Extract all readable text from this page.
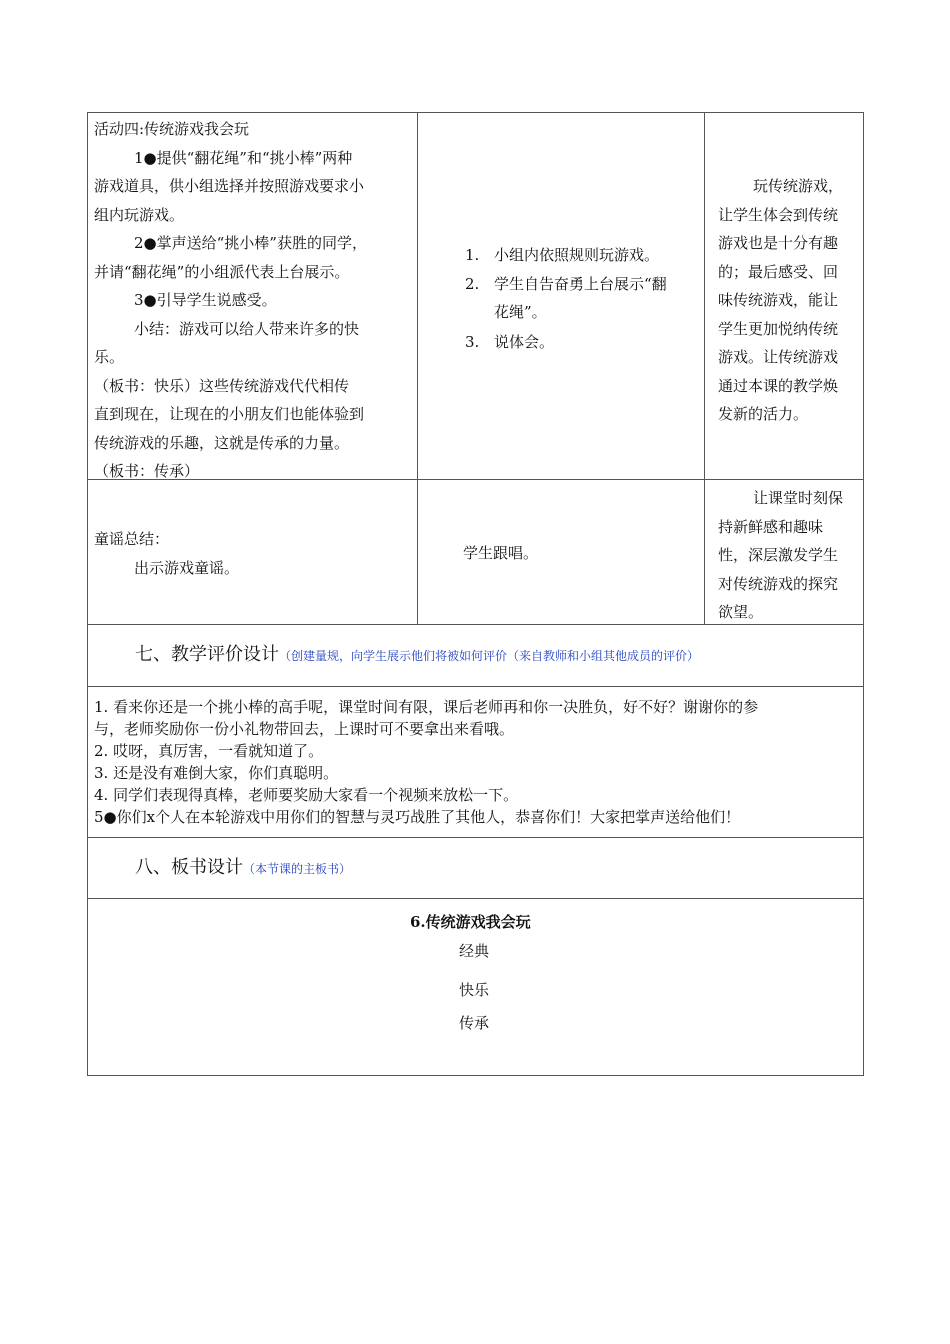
活动四:传统游戏我会玩
1●提供“翻花绳”和“挑小棒”两种
游戏道具，供小组选择并按照游戏要求小
组内玩游戏。
2●掌声送给“挑小棒”获胜的同学，
并请“翻花绳”的小组派代表上台展示。
3●引导学生说感受。
小结：游戏可以给人带来许多的快
乐。
（板书：快乐）这些传统游戏代代相传
直到现在，让现在的小朋友们也能体验到
传统游戏的乐趣，这就是传承的力量。
（板书：传承）
1. 小组内依照规则玩游戏。
2. 学生自告奋勇上台展示“翻
花绳”。
3. 说体会。
玩传统游戏，
让学生体会到传统
游戏也是十分有趣
的；最后感受、回
味传统游戏，能让
学生更加悦纳传统
游戏。让传统游戏
通过本课的教学焕
发新的活力。
童谣总结：
出示游戏童谣。
学生跟唱。
让课堂时刻保
持新鲜感和趣味
性，深层激发学生
对传统游戏的探究
欲望。
七、教学评价设计（创建量规，向学生展示他们将被如何评价（来自教师和小组其他成员的评价）
1. 看来你还是一个挑小棒的高手呢，课堂时间有限，课后老师再和你一决胜负，好不好？谢谢你的参
与，老师奖励你一份小礼物带回去，上课时可不要拿出来看哦。
2. 哎呀，真厉害，一看就知道了。
3. 还是没有难倒大家，你们真聪明。
4. 同学们表现得真棒，老师要奖励大家看一个视频来放松一下。
5●你们x个人在本轮游戏中用你们的智慧与灵巧战胜了其他人，恭喜你们！大家把掌声送给他们！
八、板书设计（本节课的主板书）
6.传统游戏我会玩
经典
快乐
传承
